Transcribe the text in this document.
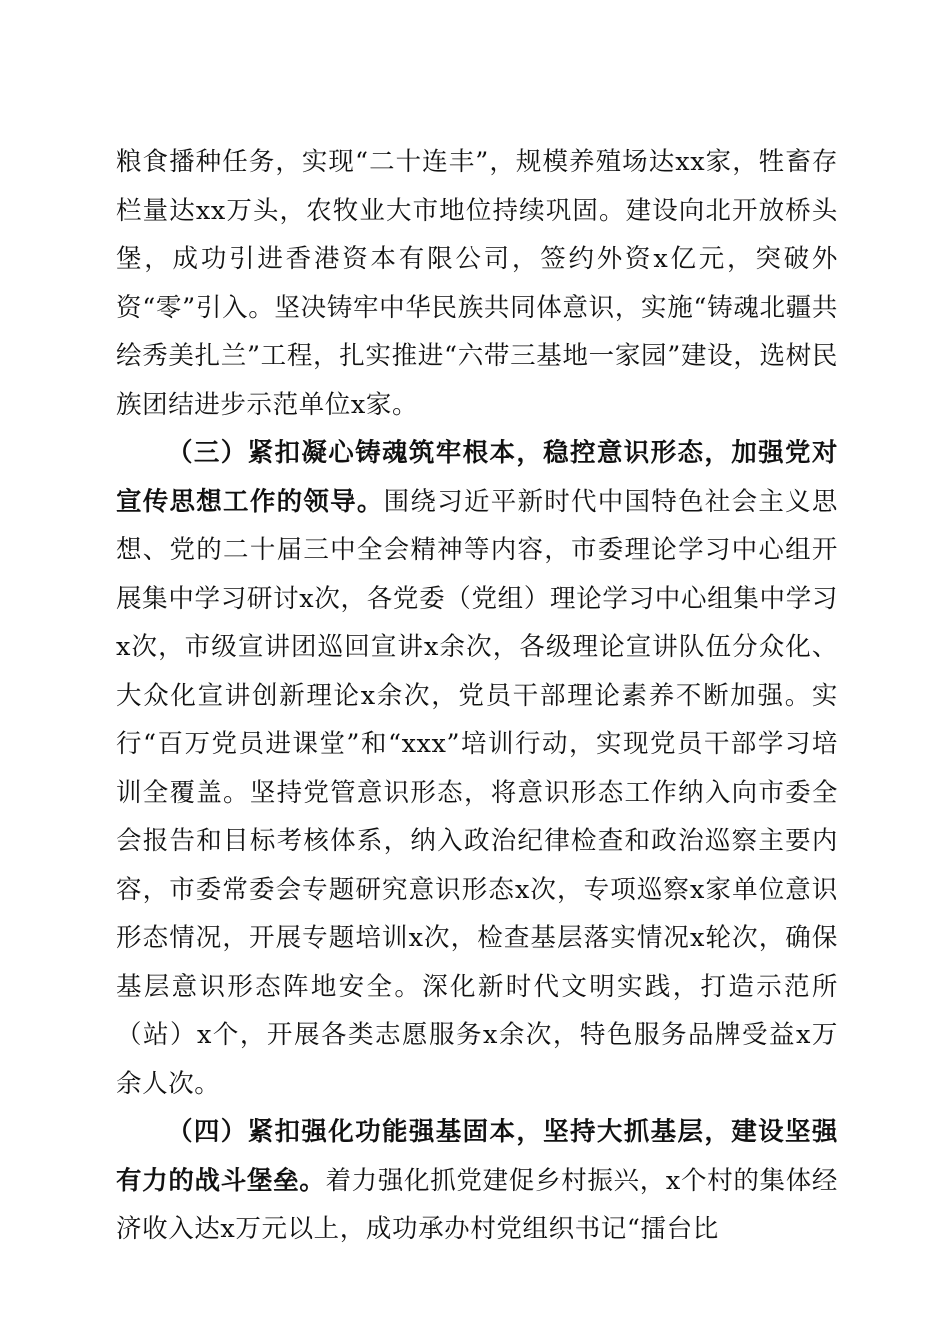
粮食播种任务，实现“二十连丰”，规模养殖场达xx家，牲畜存栏量达xx万头，农牧业大市地位持续巩固。建设向北开放桥头堡，成功引进香港资本有限公司，签约外资x亿元，突破外资“零”引入。坚决铸牢中华民族共同体意识，实施“铸魂北疆共绘秀美扎兰”工程，扎实推进“六带三基地一家园”建设，选树民族团结进步示范单位x家。

（三）紧扣凝心铸魂筑牢根本，稳控意识形态，加强党对宣传思想工作的领导。围绕习近平新时代中国特色社会主义思想、党的二十届三中全会精神等内容，市委理论学习中心组开展集中学习研讨x次，各党委（党组）理论学习中心组集中学习x次，市级宣讲团巡回宣讲x余次，各级理论宣讲队伍分众化、大众化宣讲创新理论x余次，党员干部理论素养不断加强。实行“百万党员进课堂”和“xxx”培训行动，实现党员干部学习培训全覆盖。坚持党管意识形态，将意识形态工作纳入向市委全会报告和目标考核体系，纳入政治纪律检查和政治巡察主要内容，市委常委会专题研究意识形态x次，专项巡察x家单位意识形态情况，开展专题培训x次，检查基层落实情况x轮次，确保基层意识形态阵地安全。深化新时代文明实践，打造示范所（站）x个，开展各类志愿服务x余次，特色服务品牌受益x万余人次。

（四）紧扣强化功能强基固本，坚持大抓基层，建设坚强有力的战斗堡垒。着力强化抓党建促乡村振兴，x个村的集体经济收入达x万元以上，成功承办村党组织书记“擂台比
